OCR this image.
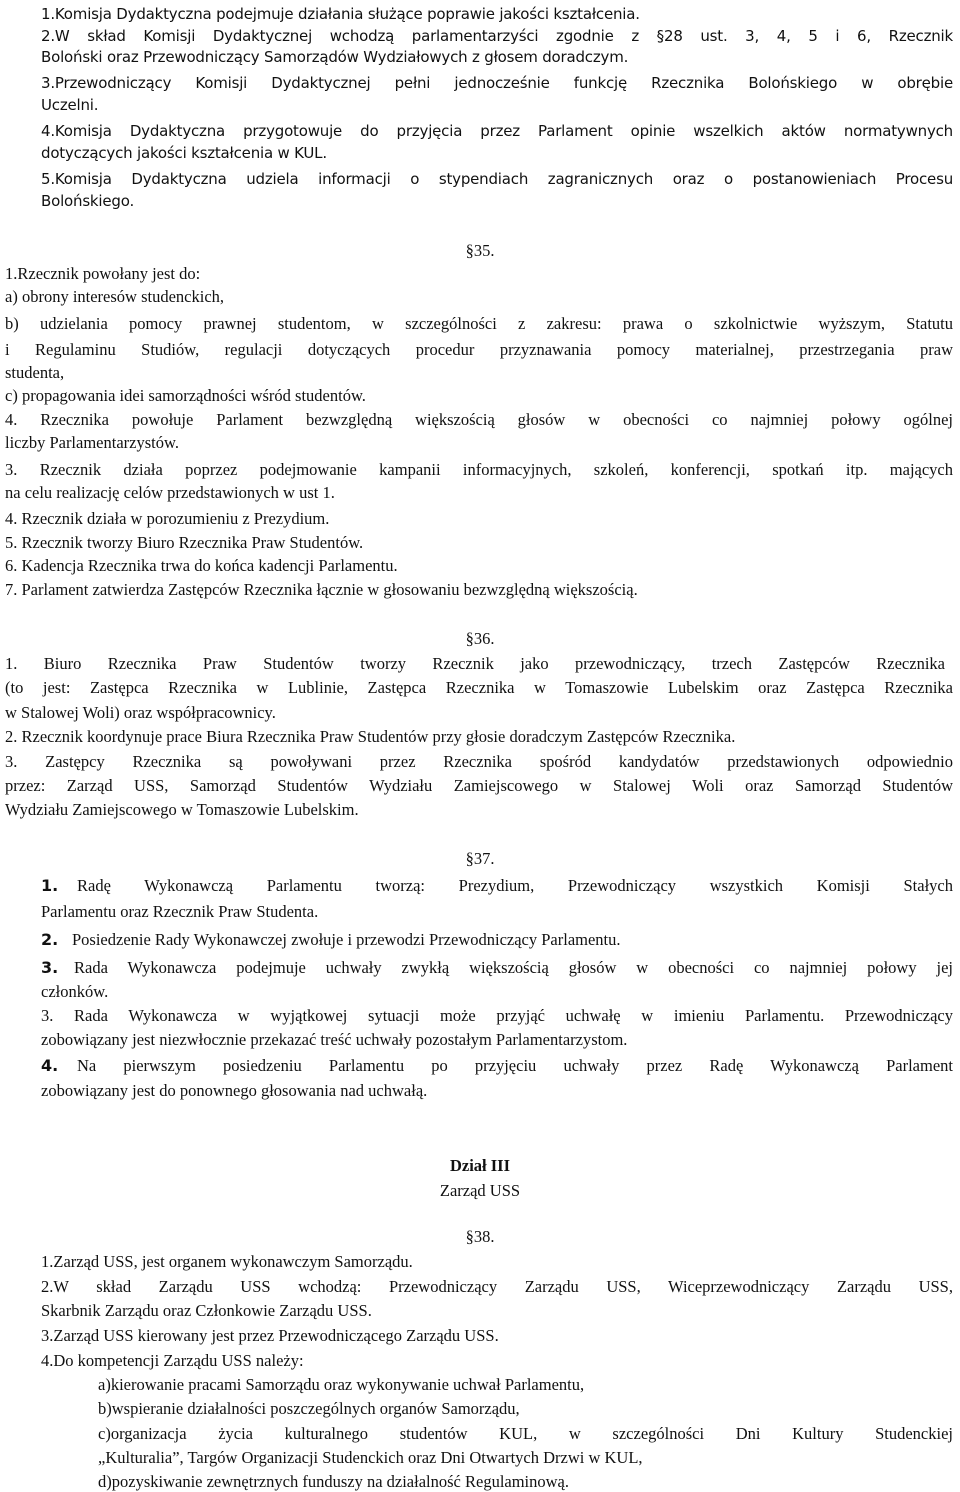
1.Komisja Dydaktyczna podejmuje działania służące poprawie jakości kształcenia.
2.W skład Komisji Dydaktycznej wchodzą parlamentarzyści zgodnie z §28 ust. 3, 4, 5 i 6, Rzecznik
Boloński oraz Przewodniczący Samorządów Wydziałowych z głosem doradczym.
3.Przewodniczący Komisji Dydaktycznej pełni jednocześnie funkcję Rzecznika Bolońskiego w obrębie
Uczelni.
4.Komisja Dydaktyczna przygotowuje do przyjęcia przez Parlament opinie wszelkich aktów normatywnych
dotyczących jakości kształcenia w KUL.
5.Komisja Dydaktyczna udziela informacji o stypendiach zagranicznych oraz o postanowieniach Procesu
Bolońskiego.
§35.
1.Rzecznik powołany jest do:
a) obrony interesów studenckich,
b) udzielania pomocy prawnej studentom, w szczególności z zakresu: prawa o szkolnictwie wyższym, Statutu
i Regulaminu Studiów, regulacji dotyczących procedur przyznawania pomocy materialnej, przestrzegania praw
studenta,
c) propagowania idei samorządności wśród studentów.
4. Rzecznika powołuje Parlament bezwzględną większością głosów w obecności co najmniej połowy ogólnej
liczby Parlamentarzystów.
3. Rzecznik działa poprzez podejmowanie kampanii informacyjnych, szkoleń, konferencji, spotkań itp. mających
na celu realizację celów przedstawionych w ust 1.
4. Rzecznik działa w porozumieniu z Prezydium.
5. Rzecznik tworzy Biuro Rzecznika Praw Studentów.
6. Kadencja Rzecznika trwa do końca kadencji Parlamentu.
7. Parlament zatwierdza Zastępców Rzecznika łącznie w głosowaniu bezwzględną większością.
§36.
1. Biuro Rzecznika Praw Studentów tworzy Rzecznik jako przewodniczący, trzech Zastępców Rzecznika
(to jest: Zastępca Rzecznika w Lublinie, Zastępca Rzecznika w Tomaszowie Lubelskim oraz Zastępca Rzecznika
w Stalowej Woli) oraz współpracownicy.
2. Rzecznik koordynuje prace Biura Rzecznika Praw Studentów przy głosie doradczym Zastępców Rzecznika.
3. Zastępcy Rzecznika są powoływani przez Rzecznika spośród kandydatów przedstawionych odpowiednio
przez: Zarząd USS, Samorząd Studentów Wydziału Zamiejscowego w Stalowej Woli oraz Samorząd Studentów
Wydziału Zamiejscowego w Tomaszowie Lubelskim.
§37.
1. Radę Wykonawczą Parlamentu tworzą: Prezydium, Przewodniczący wszystkich Komisji Stałych
Parlamentu oraz Rzecznik Praw Studenta.
2. Posiedzenie Rady Wykonawczej zwołuje i przewodzi Przewodniczący Parlamentu.
3. Rada Wykonawcza podejmuje uchwały zwykłą większością głosów w obecności co najmniej połowy jej
członków.
3. Rada Wykonawcza w wyjątkowej sytuacji może przyjąć uchwałę w imieniu Parlamentu. Przewodniczący
zobowiązany jest niezwłocznie przekazać treść uchwały pozostałym Parlamentarzystom.
4. Na pierwszym posiedzeniu Parlamentu po przyjęciu uchwały przez Radę Wykonawczą Parlament
zobowiązany jest do ponownego głosowania nad uchwałą.
Dział III
Zarząd USS
§38.
1.Zarząd USS, jest organem wykonawczym Samorządu.
2.W skład Zarządu USS wchodzą: Przewodniczący Zarządu USS, Wiceprzewodniczący Zarządu USS,
Skarbnik Zarządu oraz Członkowie Zarządu USS.
3.Zarząd USS kierowany jest przez Przewodniczącego Zarządu USS.
4.Do kompetencji Zarządu USS należy:
a)kierowanie pracami Samorządu oraz wykonywanie uchwał Parlamentu,
b)wspieranie działalności poszczególnych organów Samorządu,
c)organizacja życia kulturalnego studentów KUL, w szczególności Dni Kultury Studenckiej
„Kulturalia”, Targów Organizacji Studenckich oraz Dni Otwartych Drzwi w KUL,
d)pozyskiwanie zewnętrznych funduszy na działalność Regulaminową.
